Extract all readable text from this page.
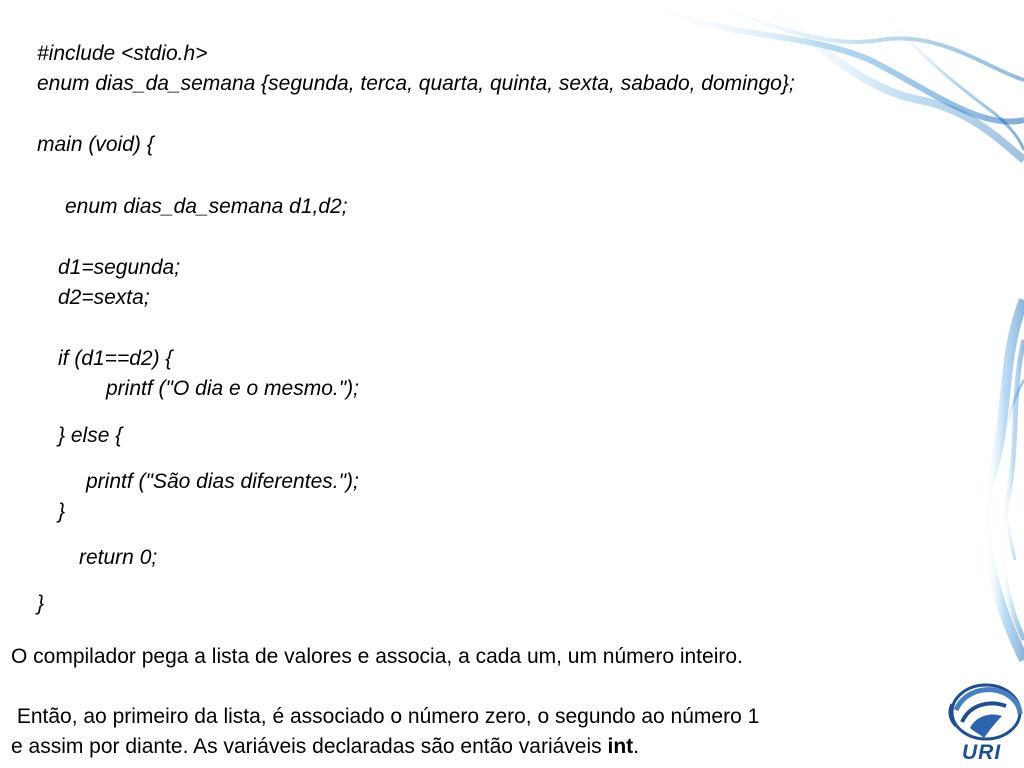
#include <stdio.h>
enum dias_da_semana {segunda, terca, quarta, quinta, sexta, sabado, domingo};
main (void) {
enum dias_da_semana d1,d2;
d1=segunda;
d2=sexta;
if (d1==d2) {
printf ("O dia e o mesmo.");
} else {
printf ("São dias diferentes.");
}
return 0;
}
O compilador pega a lista de valores e associa, a cada um, um número inteiro.
Então, ao primeiro da lista, é associado o número zero, o segundo ao número 1
e assim por diante. As variáveis declaradas são então variáveis int.	URI
